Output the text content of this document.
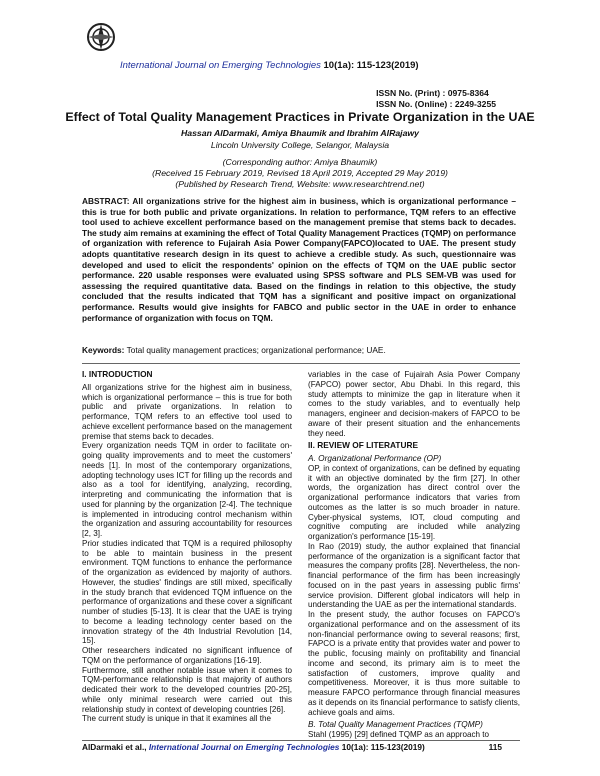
International Journal on Emerging Technologies 10(1a): 115-123(2019)
ISSN No. (Print) : 0975-8364
ISSN No. (Online) : 2249-3255
Effect of Total Quality Management Practices in Private Organization in the UAE
Hassan AlDarmaki, Amiya Bhaumik and Ibrahim AlRajawy
Lincoln University College, Selangor, Malaysia
(Corresponding author: Amiya Bhaumik)
(Received 15 February 2019, Revised 18 April 2019, Accepted 29 May 2019)
(Published by Research Trend, Website: www.researchtrend.net)

ABSTRACT: All organizations strive for the highest aim in business, which is organizational performance – this is true for both public and private organizations. In relation to performance, TQM refers to an effective tool used to achieve excellent performance based on the management premise that stems back to decades. The study aim remains at examining the effect of Total Quality Management Practices (TQMP) on performance of organization with reference to Fujairah Asia Power Company(FAPCO)located to UAE. The present study adopts quantitative research design in its quest to achieve a credible study. As such, questionnaire was developed and used to elicit the respondents' opinion on the effects of TQM on the UAE public sector performance. 220 usable responses were evaluated using SPSS software and PLS SEM-VB was used for assessing the required quantitative data. Based on the findings in relation to this objective, the study concluded that the results indicated that TQM has a significant and positive impact on organizational performance. Results would give insights for FABCO and public sector in the UAE in order to enhance performance of organization with focus on TQM.

Keywords: Total quality management practices; organizational performance; UAE.

I. INTRODUCTION

All organizations strive for the highest aim in business, which is organizational performance – this is true for both public and private organizations. In relation to performance, TQM refers to an effective tool used to achieve excellent performance based on the management premise that stems back to decades.

Every organization needs TQM in order to facilitate on-going quality improvements and to meet the customers' needs [1]. In most of the contemporary organizations, adopting technology uses ICT for filling up the records and also as a tool for identifying, analyzing, recording, interpreting and communicating the information that is used for planning by the organization [2-4]. The technique is implemented in introducing control mechanism within the organization and assuring accountability for resources [2, 3].

Prior studies indicated that TQM is a required philosophy to be able to maintain business in the present environment. TQM functions to enhance the performance of the organization as evidenced by majority of authors. However, the studies' findings are still mixed, specifically in the study branch that evidenced TQM influence on the performance of organizations and these cover a significant number of studies [5-13]. It is clear that the UAE is trying to become a leading technology center based on the innovation strategy of the 4th Industrial Revolution [14, 15].

Other researchers indicated no significant influence of TQM on the performance of organizations [16-19].

Furthermore, still another notable issue when it comes to TQM-performance relationship is that majority of authors dedicated their work to the developed countries [20-25], while only minimal research were carried out this relationship study in context of developing countries [26].

The current study is unique in that it examines all the

variables in the case of Fujairah Asia Power Company (FAPCO) power sector, Abu Dhabi. In this regard, this study attempts to minimize the gap in literature when it comes to the study variables, and to eventually help managers, engineer and decision-makers of FAPCO to be aware of their present situation and the enhancements they need.

II. REVIEW OF LITERATURE
A. Organizational Performance (OP)

OP, in context of organizations, can be defined by equating it with an objective dominated by the firm [27]. In other words, the organization has direct control over the organizational performance indicators that varies from outcomes as the latter is so much broader in nature. Cyber-physical systems, IOT, cloud computing and cognitive computing are included while analyzing organization's performance [15-19].

In Rao (2019) study, the author explained that financial performance of the organization is a significant factor that measures the company profits [28]. Nevertheless, the non-financial performance of the firm has been increasingly focused on in the past years in assessing public firms' service provision. Different global indicators will help in understanding the UAE as per the international standards.

In the present study, the author focuses on FAPCO's organizational performance and on the assessment of its non-financial performance owing to several reasons; first, FAPCO is a private entity that provides water and power to the public, focusing mainly on profitability and financial income and second, its primary aim is to meet the satisfaction of customers, improve quality and competitiveness. Moreover, it is thus more suitable to measure FAPCO performance through financial measures as it depends on its financial performance to satisfy clients, achieve goals and aims.

B. Total Quality Management Practices (TQMP)

Stahl (1995) [29] defined TQMP as an approach to

AlDarmaki et al., International Journal on Emerging Technologies 10(1a): 115-123(2019)	115
